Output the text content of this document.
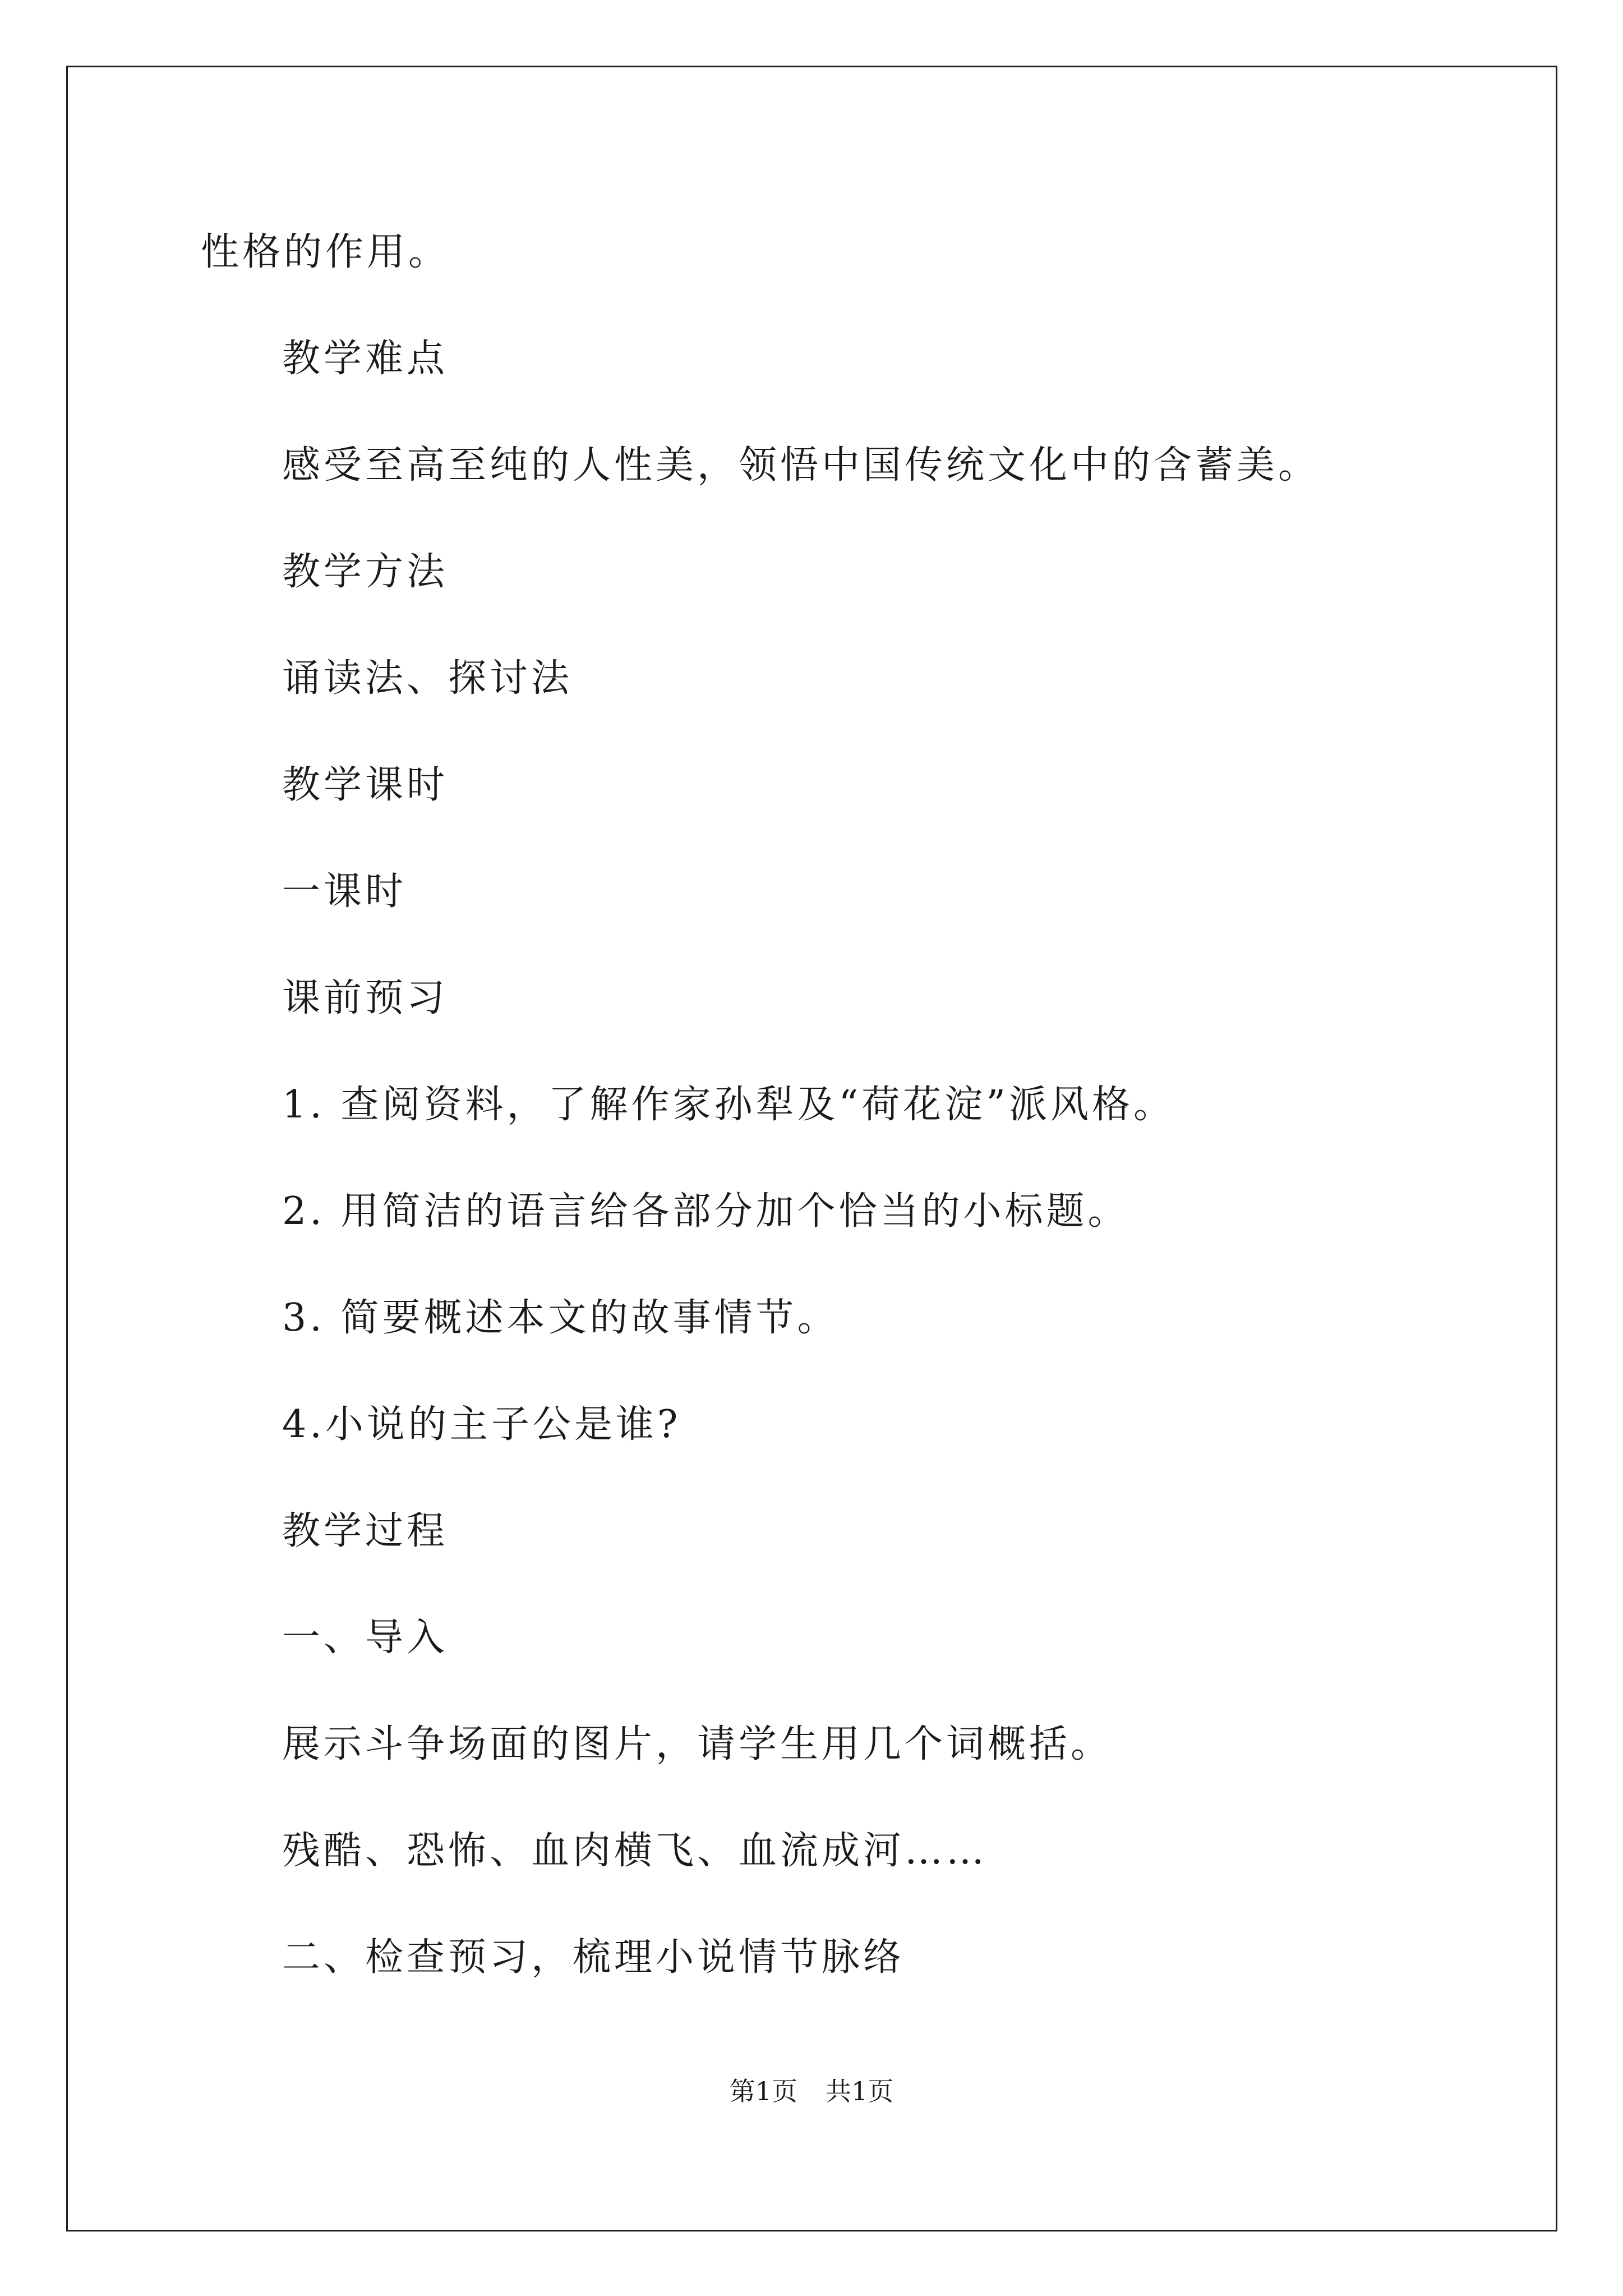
性格的作用。
教学难点
感受至高至纯的人性美，领悟中国传统文化中的含蓄美。
教学方法
诵读法、探讨法
教学课时
一课时
课前预习
1. 查阅资料，了解作家孙犁及“荷花淀”派风格。
2. 用简洁的语言给各部分加个恰当的小标题。
3. 简要概述本文的故事情节。
4.小说的主子公是谁?
教学过程
一、导入
展示斗争场面的图片，请学生用几个词概括。
残酷、恐怖、血肉横飞、血流成河……
二、检查预习，梳理小说情节脉络
第1页 共1页
